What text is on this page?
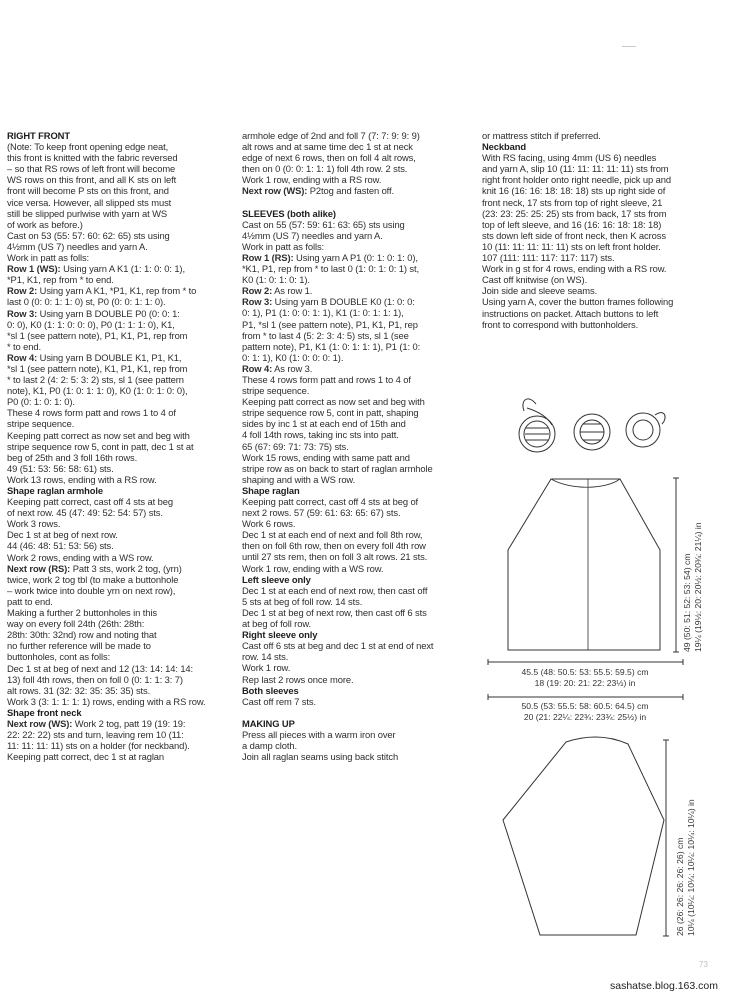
RIGHT FRONT
(Note: To keep front opening edge neat,
this front is knitted with the fabric reversed
– so that RS rows of left front will become
WS rows on this front, and all K sts on left
front will become P sts on this front, and
vice versa. However, all slipped sts must
still be slipped purlwise with yarn at WS
of work as before.)
Cast on 53 (55: 57: 60: 62: 65) sts using
4½mm (US 7) needles and yarn A.
Work in patt as folls:
Row 1 (WS): Using yarn A K1 (1: 1: 0: 0: 1),
*P1, K1, rep from * to end.
Row 2: Using yarn A K1, *P1, K1, rep from * to
last 0 (0: 0: 1: 1: 0) st, P0 (0: 0: 1: 1: 0).
Row 3: Using yarn B DOUBLE P0 (0: 0: 1:
0: 0), K0 (1: 1: 0: 0: 0), P0 (1: 1: 1: 0), K1,
*sl 1 (see pattern note), P1, K1, P1, rep from
* to end.
Row 4: Using yarn B DOUBLE K1, P1, K1,
*sl 1 (see pattern note), K1, P1, K1, rep from
* to last 2 (4: 2: 5: 3: 2) sts, sl 1 (see pattern
note), K1, P0 (1: 0: 1: 1: 0), K0 (1: 0: 1: 0: 0),
P0 (0: 1: 0: 1: 0).
These 4 rows form patt and rows 1 to 4 of
stripe sequence.
Keeping patt correct as now set and beg with
stripe sequence row 5, cont in patt, dec 1 st at
beg of 25th and 3 foll 16th rows.
49 (51: 53: 56: 58: 61) sts.
Work 13 rows, ending with a RS row.
Shape raglan armhole
Keeping patt correct, cast off 4 sts at beg
of next row. 45 (47: 49: 52: 54: 57) sts.
Work 3 rows.
Dec 1 st at beg of next row.
44 (46: 48: 51: 53: 56) sts.
Work 2 rows, ending with a WS row.
Next row (RS): Patt 3 sts, work 2 tog, (yrn)
twice, work 2 tog tbl (to make a buttonhole
– work twice into double yrn on next row),
patt to end.
Making a further 2 buttonholes in this
way on every foll 24th (26th: 28th:
28th: 30th: 32nd) row and noting that
no further reference will be made to
buttonholes, cont as folls:
Dec 1 st at beg of next and 12 (13: 14: 14: 14:
13) foll 4th rows, then on foll 0 (0: 1: 1: 3: 7)
alt rows. 31 (32: 32: 35: 35: 35) sts.
Work 3 (3: 1: 1: 1: 1) rows, ending with a RS row.
Shape front neck
Next row (WS): Work 2 tog, patt 19 (19: 19:
22: 22: 22) sts and turn, leaving rem 10 (11:
11: 11: 11: 11) sts on a holder (for neckband).
Keeping patt correct, dec 1 st at raglan
armhole edge of 2nd and foll 7 (7: 7: 9: 9: 9)
alt rows and at same time dec 1 st at neck
edge of next 6 rows, then on foll 4 alt rows,
then on 0 (0: 0: 1: 1: 1) foll 4th row. 2 sts.
Work 1 row, ending with a RS row.
Next row (WS): P2tog and fasten off.
SLEEVES (both alike)
Cast on 55 (57: 59: 61: 63: 65) sts using
4½mm (US 7) needles and yarn A.
Work in patt as folls:
Row 1 (RS): Using yarn A P1 (0: 1: 0: 1: 0),
*K1, P1, rep from * to last 0 (1: 0: 1: 0: 1) st,
K0 (1: 0: 1: 0: 1).
Row 2: As row 1.
Row 3: Using yarn B DOUBLE K0 (1: 0: 0:
0: 1), P1 (1: 0: 0: 1: 1), K1 (1: 0: 1: 1: 1),
P1, *sl 1 (see pattern note), P1, K1, P1, rep
from * to last 4 (5: 2: 3: 4: 5) sts, sl 1 (see
pattern note), P1, K1 (1: 0: 1: 1: 1), P1 (1: 0:
0: 1: 1), K0 (1: 0: 0: 0: 1).
Row 4: As row 3.
These 4 rows form patt and rows 1 to 4 of
stripe sequence.
Keeping patt correct as now set and beg with
stripe sequence row 5, cont in patt, shaping
sides by inc 1 st at each end of 15th and
4 foll 14th rows, taking inc sts into patt.
65 (67: 69: 71: 73: 75) sts.
Work 15 rows, ending with same patt and
stripe row as on back to start of raglan armhole
shaping and with a WS row.
Shape raglan
Keeping patt correct, cast off 4 sts at beg of
next 2 rows. 57 (59: 61: 63: 65: 67) sts.
Work 6 rows.
Dec 1 st at each end of next and foll 8th row,
then on foll 6th row, then on every foll 4th row
until 27 sts rem, then on foll 3 alt rows. 21 sts.
Work 1 row, ending with a WS row.
Left sleeve only
Dec 1 st at each end of next row, then cast off
5 sts at beg of foll row. 14 sts.
Dec 1 st at beg of next row, then cast off 6 sts
at beg of foll row.
Right sleeve only
Cast off 6 sts at beg and dec 1 st at end of next
row. 14 sts.
Work 1 row.
Rep last 2 rows once more.
Both sleeves
Cast off rem 7 sts.
MAKING UP
Press all pieces with a warm iron over
a damp cloth.
Join all raglan seams using back stitch
or mattress stitch if preferred.
Neckband
With RS facing, using 4mm (US 6) needles
and yarn A, slip 10 (11: 11: 11: 11: 11) sts from
right front holder onto right needle, pick up and
knit 16 (16: 16: 18: 18: 18) sts up right side of
front neck, 17 sts from top of right sleeve, 21
(23: 23: 25: 25: 25) sts from back, 17 sts from
top of left sleeve, and 16 (16: 16: 18: 18: 18)
sts down left side of front neck, then K across
10 (11: 11: 11: 11: 11) sts on left front holder.
107 (111: 111: 117: 117: 117) sts.
Work in g st for 4 rows, ending with a RS row.
Cast off knitwise (on WS).
Join side and sleeve seams.
Using yarn A, cover the button frames following
instructions on packet. Attach buttons to left
front to correspond with buttonholders.
45.5 (48: 50.5: 53: 55.5: 59.5) cm
18 (19: 20: 21: 22: 23½) in
50.5 (53: 55.5: 58: 60.5: 64.5) cm
20 (21: 22¼: 22¾: 23¾: 25½) in
49 (50: 51: 52: 53: 54) cm 19¼ (19½: 20: 20½: 20¾: 21¼) in
26 (26: 26: 26: 26: 26) cm 10¼ (10¼: 10¼: 10¼: 10¼: 10¼) in
73
sashatse.blog.163.com
